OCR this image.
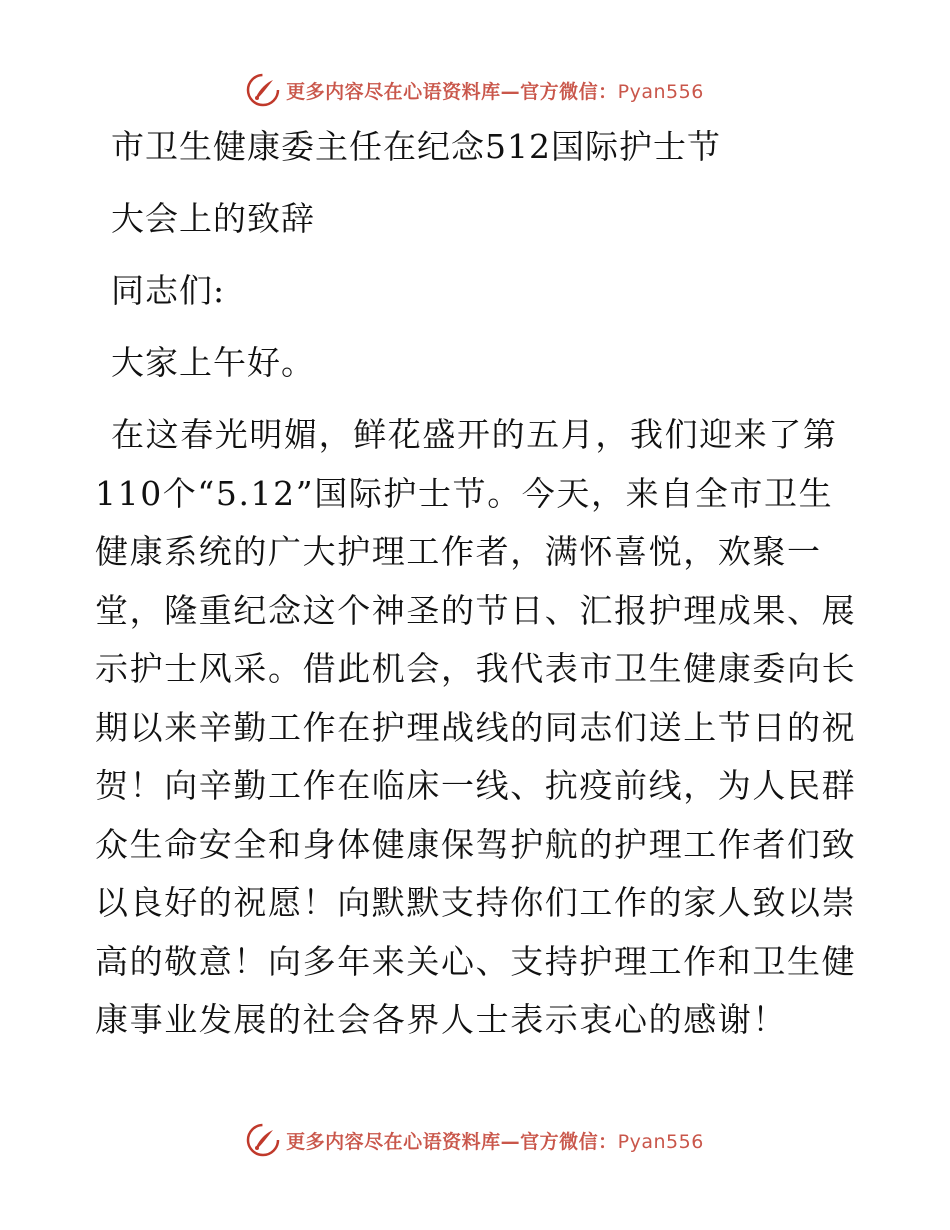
更多内容尽在心语资料库—官方微信：Pyan556
市卫生健康委主任在纪念512国际护士节
大会上的致辞
同志们:
大家上午好。
在这春光明媚，鲜花盛开的五月，我们迎来了第
110个“5.12”国际护士节。今天，来自全市卫生
健康系统的广大护理工作者，满怀喜悦，欢聚一
堂，隆重纪念这个神圣的节日、汇报护理成果、展
示护士风采。借此机会，我代表市卫生健康委向长
期以来辛勤工作在护理战线的同志们送上节日的祝
贺！向辛勤工作在临床一线、抗疫前线，为人民群
众生命安全和身体健康保驾护航的护理工作者们致
以良好的祝愿！向默默支持你们工作的家人致以崇
高的敬意！向多年来关心、支持护理工作和卫生健
康事业发展的社会各界人士表示衷心的感谢！
更多内容尽在心语资料库—官方微信：Pyan556
